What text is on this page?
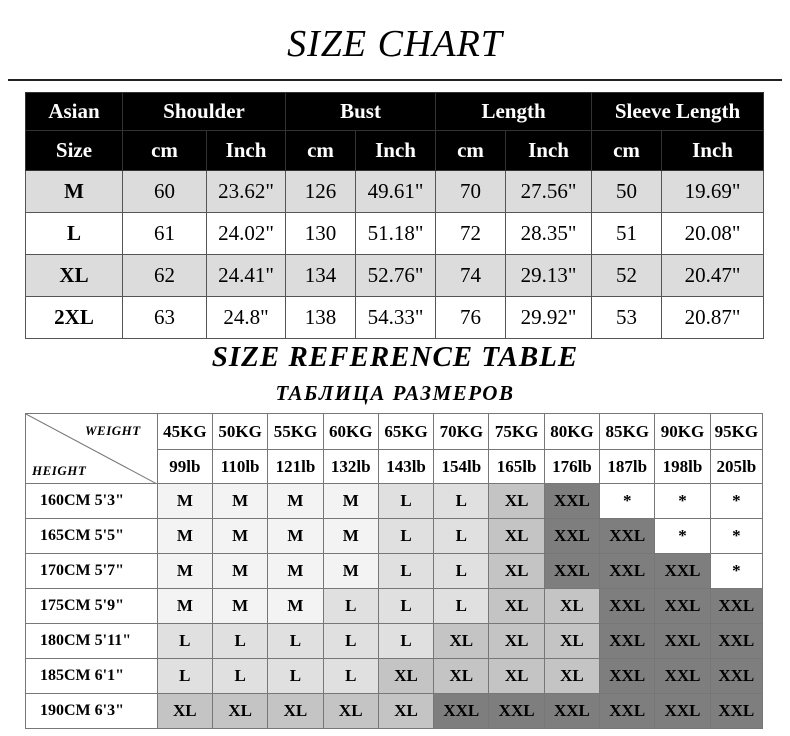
SIZE CHART
Asian	Shoulder		Bust		Length		Sleeve Length	
Size	cm	Inch	cm	Inch	cm	Inch	cm	Inch
M	60	23.62"	126	49.61"	70	27.56"	50	19.69"
L	61	24.02"	130	51.18"	72	28.35"	51	20.08"
XL	62	24.41"	134	52.76"	74	29.13"	52	20.47"
2XL	63	24.8"	138	54.33"	76	29.92"	53	20.87"
SIZE REFERENCE TABLE
ТАБЛИЦА РАЗМЕРОВ
WEIGHT
HEIGHT	45KG	50KG	55KG	60KG	65KG	70KG	75KG	80KG	85KG	90KG	95KG
	99lb	110lb	121lb	132lb	143lb	154lb	165lb	176lb	187lb	198lb	205lb
160CM 5'3"	M	M	M	M	L	L	XL	XXL	*	*	*
165CM 5'5"	M	M	M	M	L	L	XL	XXL	XXL	*	*
170CM 5'7"	M	M	M	M	L	L	XL	XXL	XXL	XXL	*
175CM 5'9"	M	M	M	L	L	L	XL	XL	XXL	XXL	XXL
180CM 5'11"	L	L	L	L	L	XL	XL	XL	XXL	XXL	XXL
185CM 6'1"	L	L	L	L	XL	XL	XL	XL	XXL	XXL	XXL
190CM 6'3"	XL	XL	XL	XL	XL	XXL	XXL	XXL	XXL	XXL	XXL
